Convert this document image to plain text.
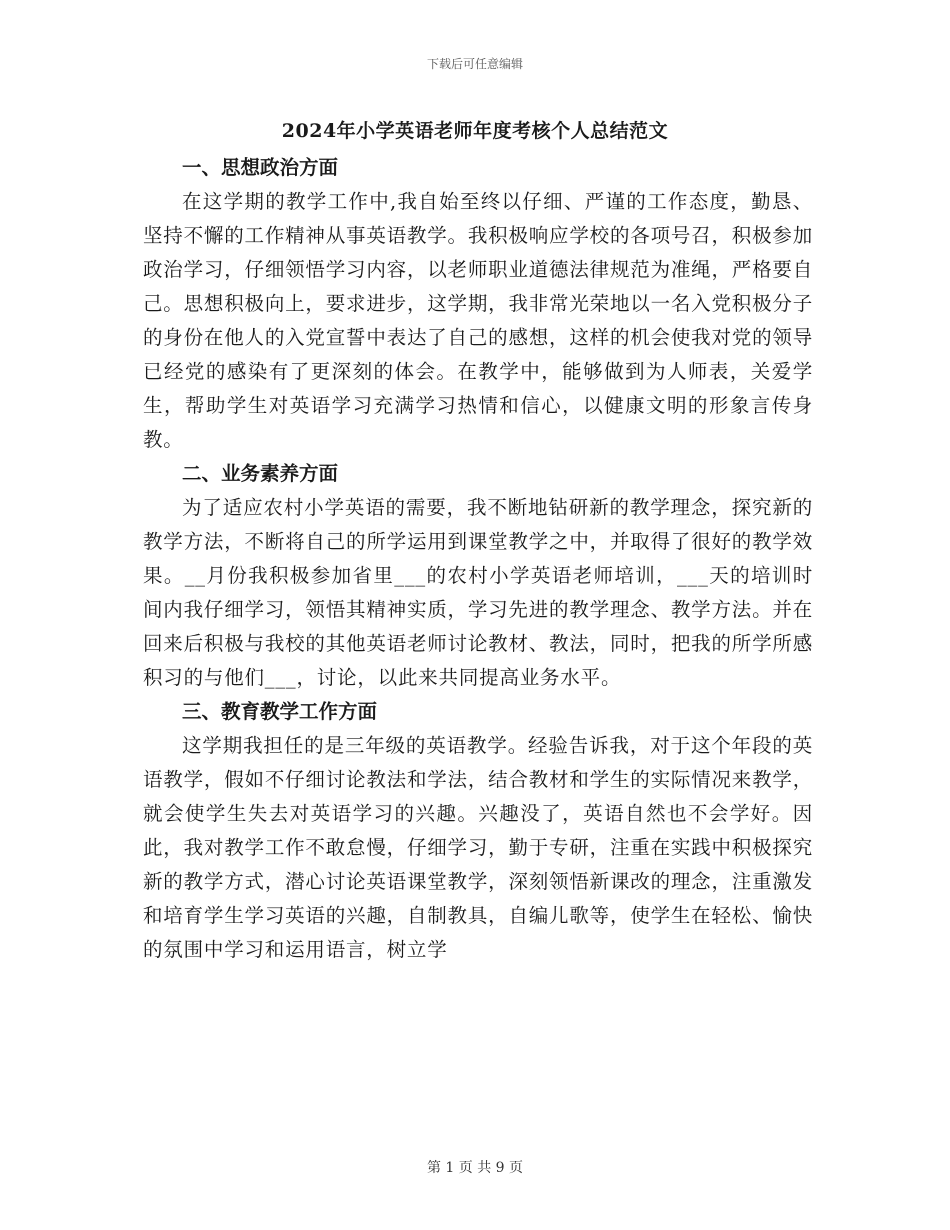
下载后可任意编辑
2024年小学英语老师年度考核个人总结范文

一、思想政治方面

在这学期的教学工作中,我自始至终以仔细、严谨的工作态度，勤恳、坚持不懈的工作精神从事英语教学。我积极响应学校的各项号召，积极参加政治学习，仔细领悟学习内容，以老师职业道德法律规范为准绳，严格要自己。思想积极向上，要求进步，这学期，我非常光荣地以一名入党积极分子的身份在他人的入党宣誓中表达了自己的感想，这样的机会使我对党的领导已经党的感染有了更深刻的体会。在教学中，能够做到为人师表，关爱学生，帮助学生对英语学习充满学习热情和信心，以健康文明的形象言传身教。

二、业务素养方面

为了适应农村小学英语的需要，我不断地钻研新的教学理念，探究新的教学方法，不断将自己的所学运用到课堂教学之中，并取得了很好的教学效果。__月份我积极参加省里___的农村小学英语老师培训，___天的培训时间内我仔细学习，领悟其精神实质，学习先进的教学理念、教学方法。并在回来后积极与我校的其他英语老师讨论教材、教法，同时，把我的所学所感积习的与他们___，讨论，以此来共同提高业务水平。

三、教育教学工作方面

这学期我担任的是三年级的英语教学。经验告诉我，对于这个年段的英语教学，假如不仔细讨论教法和学法，结合教材和学生的实际情况来教学，就会使学生失去对英语学习的兴趣。兴趣没了，英语自然也不会学好。因此，我对教学工作不敢怠慢，仔细学习，勤于专研，注重在实践中积极探究新的教学方式，潜心讨论英语课堂教学，深刻领悟新课改的理念，注重激发和培育学生学习英语的兴趣，自制教具，自编儿歌等，使学生在轻松、愉快的氛围中学习和运用语言，树立学

第 1 页 共 9 页
